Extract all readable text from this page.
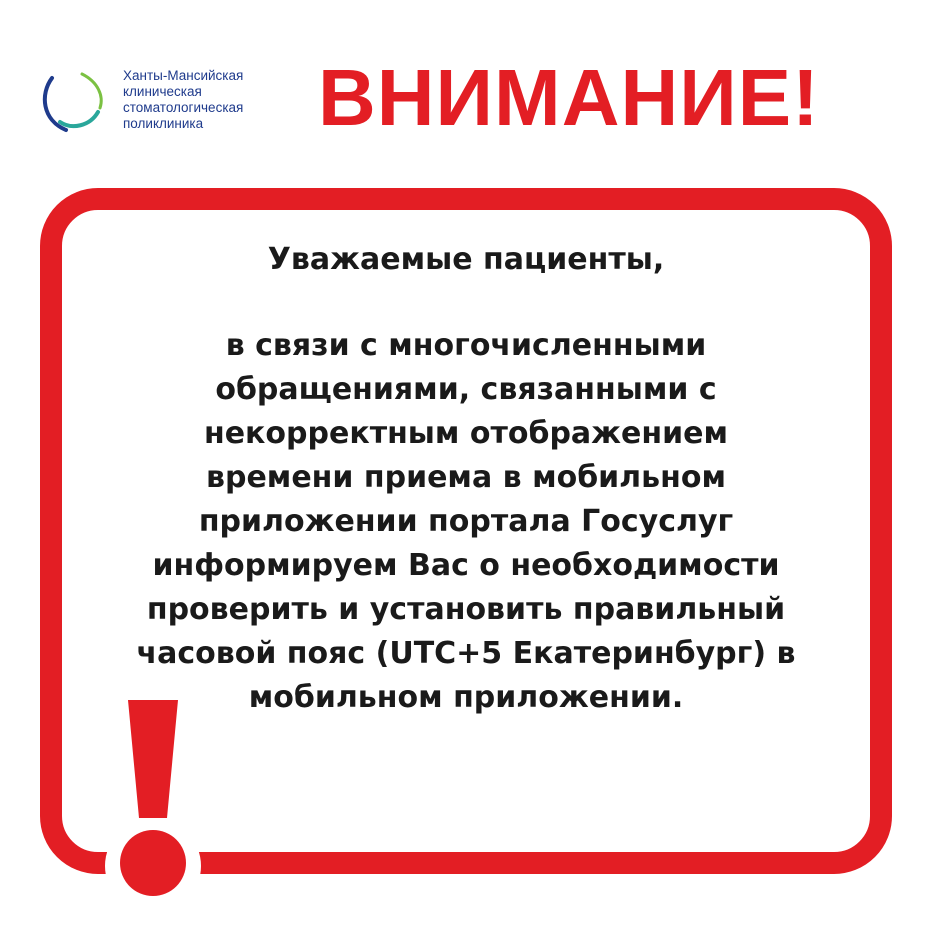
Ханты-Мансийская
клиническая
стоматологическая
поликлиника	ВНИМАНИЕ!
Уважаемые пациенты,
в связи с многочисленными
обращениями, связанными с
некорректным отображением
времени приема в мобильном
приложении портала Госуслуг
информируем Вас о необходимости
проверить и установить правильный
часовой пояс (UTC+5 Екатеринбург) в
мобильном приложении.
